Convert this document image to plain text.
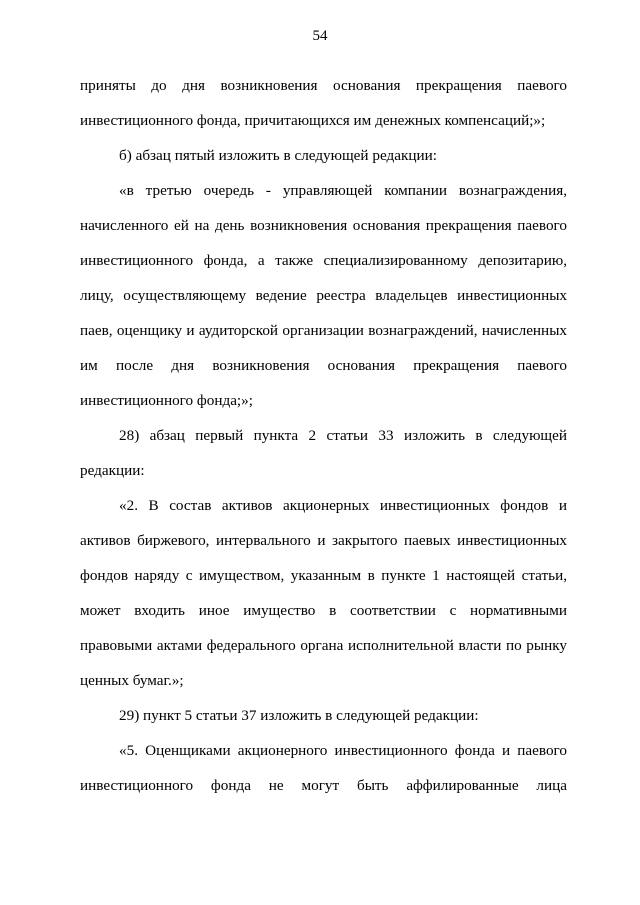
54
приняты до дня возникновения основания прекращения паевого
инвестиционного фонда, причитающихся им денежных компенсаций;»;
б) абзац пятый изложить в следующей редакции:
«в третью очередь - управляющей компании вознаграждения,
начисленного ей на день возникновения основания прекращения паевого
инвестиционного фонда, а также специализированному депозитарию,
лицу, осуществляющему ведение реестра владельцев инвестиционных
паев, оценщику и аудиторской организации вознаграждений, начисленных
им после дня возникновения основания прекращения паевого
инвестиционного фонда;»;
28) абзац первый пункта 2 статьи 33 изложить в следующей
редакции:
«2. В состав активов акционерных инвестиционных фондов и
активов биржевого, интервального и закрытого паевых инвестиционных
фондов наряду с имуществом, указанным в пункте 1 настоящей статьи,
может входить иное имущество в соответствии с нормативными
правовыми актами федерального органа исполнительной власти по рынку
ценных бумаг.»;
29) пункт 5 статьи 37 изложить в следующей редакции:
«5. Оценщиками акционерного инвестиционного фонда и паевого
инвестиционного фонда не могут быть аффилированные лица
